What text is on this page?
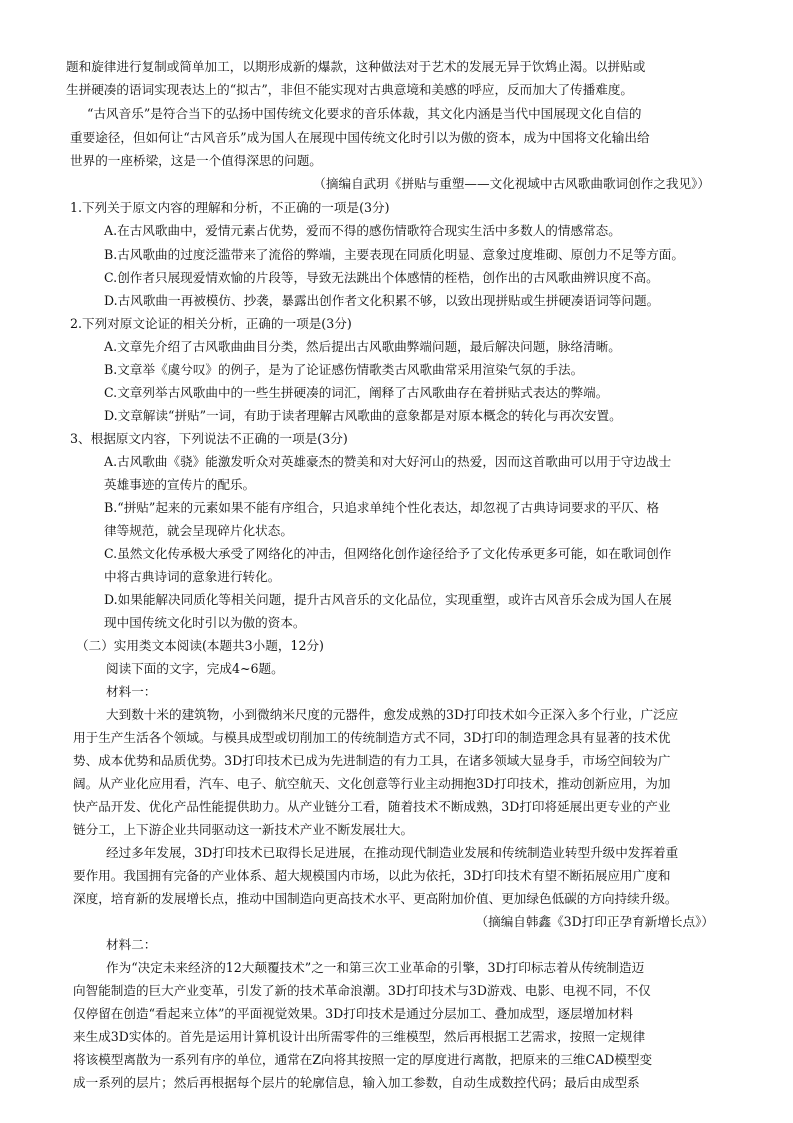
题和旋律进行复制或简单加工，以期形成新的爆款，这种做法对于艺术的发展无异于饮鸩止渴。以拼贴或
生拼硬凑的语词实现表达上的“拟古”，非但不能实现对古典意境和美感的呼应，反而加大了传播难度。
“古风音乐”是符合当下的弘扬中国传统文化要求的音乐体裁，其文化内涵是当代中国展现文化自信的
重要途径，但如何让“古风音乐”成为国人在展现中国传统文化时引以为傲的资本，成为中国将文化输出给
世界的一座桥梁，这是一个值得深思的问题。
（摘编自武玥《拼贴与重塑——文化视域中古风歌曲歌词创作之我见》）
1.下列关于原文内容的理解和分析，不正确的一项是(3分)
A.在古风歌曲中，爱情元素占优势，爱而不得的感伤情歌符合现实生活中多数人的情感常态。
B.古风歌曲的过度泛滥带来了流俗的弊端，主要表现在同质化明显、意象过度堆砌、原创力不足等方面。
C.创作者只展现爱情欢愉的片段等，导致无法跳出个体感情的桎梏，创作出的古风歌曲辨识度不高。
D.古风歌曲一再被模仿、抄袭，暴露出创作者文化积累不够，以致出现拼贴或生拼硬凑语词等问题。
2.下列对原文论证的相关分析，正确的一项是(3分)
A.文章先介绍了古风歌曲曲目分类，然后提出古风歌曲弊端问题，最后解决问题，脉络清晰。
B.文章举《虞兮叹》的例子，是为了论证感伤情歌类古风歌曲常采用渲染气氛的手法。
C.文章列举古风歌曲中的一些生拼硬凑的词汇，阐释了古风歌曲存在着拼贴式表达的弊端。
D.文章解读“拼贴”一词，有助于读者理解古风歌曲的意象都是对原本概念的转化与再次安置。
3、根据原文内容，下列说法不正确的一项是(3分)
A.古风歌曲《骁》能激发听众对英雄豪杰的赞美和对大好河山的热爱，因而这首歌曲可以用于守边战士
英雄事迹的宣传片的配乐。
B.“拼贴”起来的元素如果不能有序组合，只追求单纯个性化表达，却忽视了古典诗词要求的平仄、格
律等规范，就会呈现碎片化状态。
C.虽然文化传承极大承受了网络化的冲击，但网络化创作途径给予了文化传承更多可能，如在歌词创作
中将古典诗词的意象进行转化。
D.如果能解决同质化等相关问题，提升古风音乐的文化品位，实现重塑，或许古风音乐会成为国人在展
现中国传统文化时引以为傲的资本。
（二）实用类文本阅读(本题共3小题，12分)
阅读下面的文字，完成4~6题。
材料一：
大到数十米的建筑物，小到微纳米尺度的元器件，愈发成熟的3D打印技术如今正深入多个行业，广泛应
用于生产生活各个领域。与模具成型或切削加工的传统制造方式不同，3D打印的制造理念具有显著的技术优
势、成本优势和品质优势。3D打印技术已成为先进制造的有力工具，在诸多领域大显身手，市场空间较为广
阔。从产业化应用看，汽车、电子、航空航天、文化创意等行业主动拥抱3D打印技术，推动创新应用，为加
快产品开发、优化产品性能提供助力。从产业链分工看，随着技术不断成熟，3D打印将延展出更专业的产业
链分工，上下游企业共同驱动这一新技术产业不断发展壮大。
经过多年发展，3D打印技术已取得长足进展，在推动现代制造业发展和传统制造业转型升级中发挥着重
要作用。我国拥有完备的产业体系、超大规模国内市场，以此为依托，3D打印技术有望不断拓展应用广度和
深度，培育新的发展增长点，推动中国制造向更高技术水平、更高附加价值、更加绿色低碳的方向持续升级。
（摘编自韩鑫《3D打印正孕育新增长点》）
材料二：
作为“决定未来经济的12大颠覆技术”之一和第三次工业革命的引擎，3D打印标志着从传统制造迈
向智能制造的巨大产业变革，引发了新的技术革命浪潮。3D打印技术与3D游戏、电影、电视不同，不仅
仅停留在创造“看起来立体”的平面视觉效果。3D打印技术是通过分层加工、叠加成型，逐层增加材料
来生成3D实体的。首先是运用计算机设计出所需零件的三维模型，然后再根据工艺需求，按照一定规律
将该模型离散为一系列有序的单位，通常在Z向将其按照一定的厚度进行离散，把原来的三维CAD模型变
成一系列的层片；然后再根据每个层片的轮廓信息，输入加工参数，自动生成数控代码；最后由成型系
